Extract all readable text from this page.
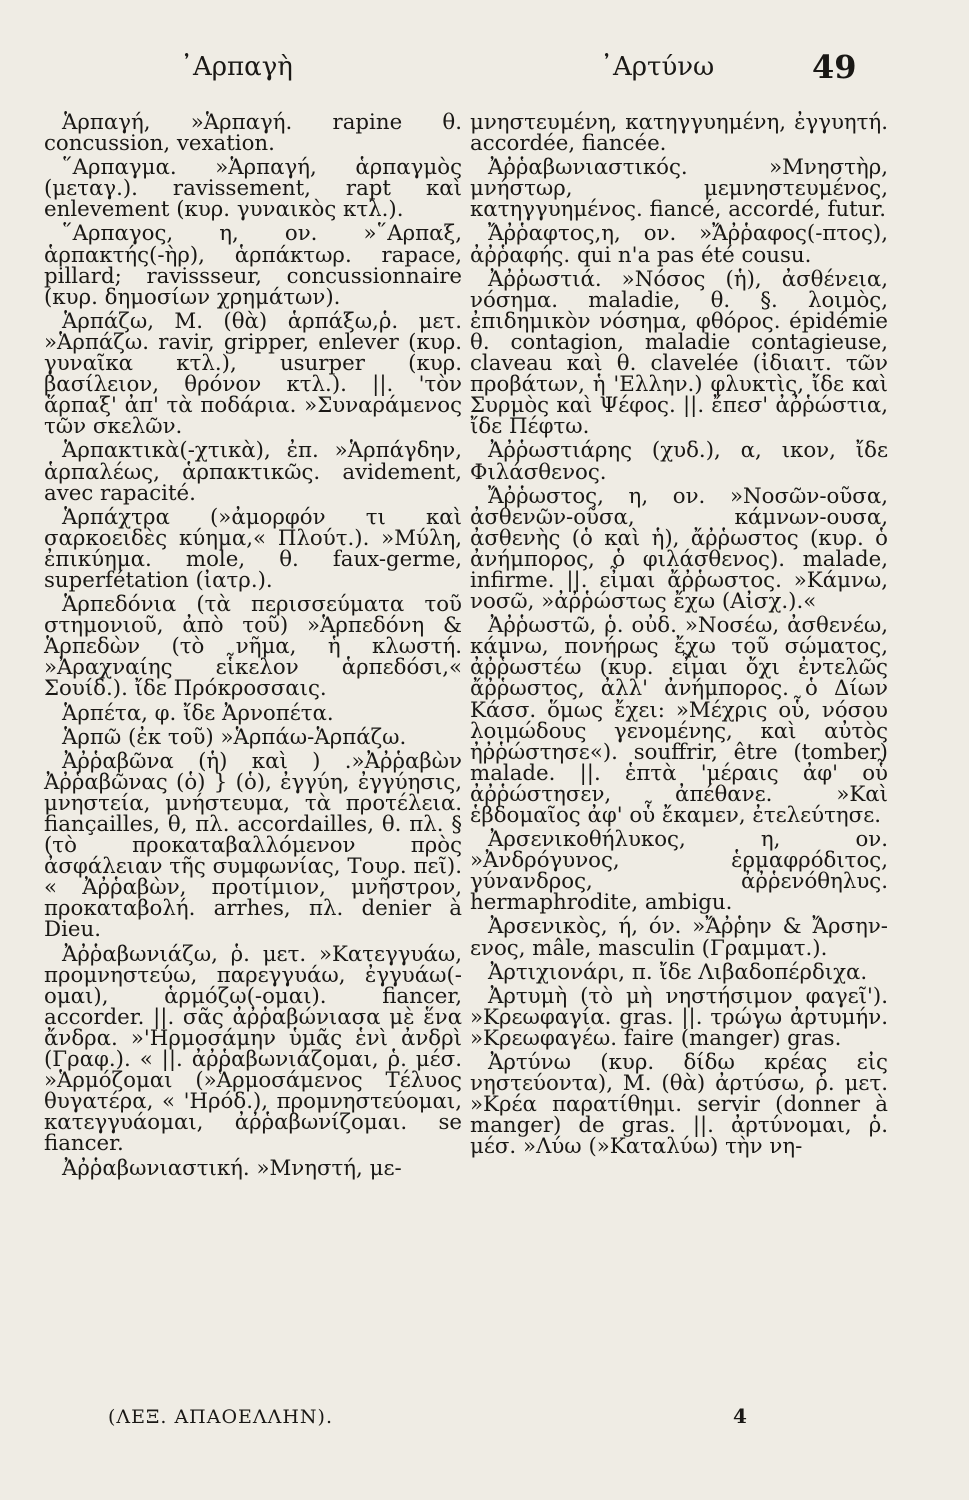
᾿Αρπαγὴ	᾿Αρτύνω	49

Ἁρπαγή, »Ἁρπαγή. rapine θ. concussion, vexation.

῞Αρπαγμα. »Ἁρπαγή, ἁρπαγμὸς (μεταγ.). ravissement, rapt καὶ enlevement (κυρ. γυναικὸς κτλ.).

῞Αρπαγος, η, ον. »῞Αρπαξ, ἁρπακτής(-ὴρ), ἁρπάκτωρ. rapace, pillard; ravissseur, concussionnaire (κυρ. δημοσίων χρημάτων).

Ἁρπάζω, Μ. (θὰ) ἁρπάξω,ῥ. μετ. »Ἁρπάζω. ravir, gripper, enlever (κυρ. γυναῖκα κτλ.), usurper (κυρ. βασίλειον, θρόνον κτλ.). ||. 'τὸν ἅρπαξ' ἀπ' τὰ ποδάρια. »Συναράμενος τῶν σκελῶν.

Ἁρπακτικὰ(-χτικὰ), ἐπ. »Ἁρπάγδην, ἁρπαλέως, ἁρπακτικῶς. avidement, avec rapacité.

Ἁρπάχτρα (»ἀμορφόν τι καὶ σαρκοειδὲς κύημα,« Πλούτ.). »Μύλη, ἐπικύημα. mole, θ. faux-germe, superfétation (ἰατρ.).

Ἁρπεδόνια (τὰ περισσεύματα τοῦ στημονιοῦ, ἀπὸ τοῦ) »Ἁρπεδόνη & Ἁρπεδὼν (τὸ νῆμα, ἡ κλωστή. »Ἀραχναίης εἷκελον ἁρπεδόσι,« Σουίδ.). ἴδε Πρόκροσσαις.

Ἁρπέτα, φ. ἴδε Ἀρνοπέτα.

Ἁρπῶ (ἐκ τοῦ) »Ἁρπάω-Ἁρπάζω.

Ἀῤῥαβῶνα (ἡ) καὶ ) .»Ἀῤῥαβὼν Ἀῤῥαβῶνας (ὁ) } (ὁ), ἐγγύη, ἐγγύησις, μνηστεία, μνήστευμα, τὰ προτέλεια. fiançailles, θ, πλ. accordailles, θ. πλ. § (τὸ προκαταβαλλόμενον πρὸς ἀσφάλειαν τῆς συμφωνίας, Τουρ. πεῖ). « Ἀῤῥαβὼν, προτίμιον, μνῆστρον, προκαταβολή. arrhes, πλ. denier à Dieu.

Ἀῤῥαβωνιάζω, ῥ. μετ. »Κατεγγυάω, προμνηστεύω, παρεγγυάω, ἐγγυάω(-ομαι), ἁρμόζω(-ομαι). fiancer, accorder. ||. σᾶς ἀῤῥαβώνιασα μὲ ἕνα ἄνδρα. »'Ηρμοσάμην ὑμᾶς ἑνὶ ἀνδρὶ (Γραφ.). « ||. ἀῤῥαβωνιάζομαι, ῥ. μέσ. »Ἁρμόζομαι (»Ἁρμοσάμενος Τέλυος θυγατέρα, « 'Ηρόδ.), προμνηστεύομαι, κατεγγυάομαι, ἀῤῥαβωνίζομαι. se fiancer.

Ἀῤῥαβωνιαστική. »Μνηστή, με-

μνηστευμένη, κατηγγυημένη, ἐγγυητή. accordée, fiancée.

Ἀῤῥαβωνιαστικός. »Μνηστὴρ, μνήστωρ, μεμνηστευμένος, κατηγγυημένος. fiancé, accordé, futur.

Ἄῤῥαφτος,η, ον. »Ἄῤῥαφος(-πτος), ἀῤῥαφής. qui n'a pas été cousu.

Ἀῤῥωστιά. »Νόσος (ἡ), ἀσθένεια, νόσημα. maladie, θ. §. λοιμὸς, ἐπιδημικὸν νόσημα, φθόρος. épidémie θ. contagion, maladie contagieuse, claveau καὶ θ. clavelée (ἰδιαιτ. τῶν προβάτων, ἡ 'Ελλην.) φλυκτὶς, ἴδε καὶ Συρμὸς καὶ Ψέφος. ||. ἔπεσ' ἀῤῥώστια, ἴδε Πέφτω.

Ἀῤῥωστιάρης (χυδ.), α, ικον, ἴδε Φιλάσθενος.

Ἄῤῥωστος, η, ον. »Νοσῶν-οῦσα, ἀσθενῶν-οῦσα, κάμνων-ουσα, ἀσθενὴς (ὁ καὶ ἡ), ἄῤῥωστος (κυρ. ὁ ἀνήμπορος, ὁ φιλάσθενος). malade, infirme. ||. εἶμαι ἄῤῥωστος. »Κάμνω, νοσῶ, »ἀῤῥώστως ἔχω (Αἰσχ.).«

Ἀῤῥωστῶ, ῥ. οὐδ. »Νοσέω, ἀσθενέω, κάμνω, πονήρως ἔχω τοῦ σώματος, ἀῤῥωστέω (κυρ. εἶμαι ὄχι ἐντελῶς ἄῤῥωστος, ἀλλ' ἀνήμπορος. ὁ Δίων Κάσσ. ὅμως ἔχει: »Μέχρις οὗ, νόσου λοιμώδους γενομένης, καὶ αὐτὸς ἠῤῥώστησε«). souffrir, être (tomber) malade. ||. ἑπτὰ 'μέραις ἀφ' οὗ ἀῤῥώστησεν, ἀπέθανε. »Καὶ ἑβδομαῖος ἀφ' οὗ ἔκαμεν, ἐτελεύτησε.

Ἀρσενικοθήλυκος, η, ον. »Ἀνδρόγυνος, ἑρμαφρόδιτος, γύνανδρος, ἀῤῥενόθηλυς. hermaphrodite, ambigu.

Ἀρσενικὸς, ή, όν. »Ἄῤῥην & Ἄρσην-ενος, mâle, masculin (Γραμματ.).

Ἀρτιχιονάρι, π. ἴδε Λιβαδοπέρδιχα.

Ἀρτυμὴ (τὸ μὴ νηστήσιμον φαγεῖ'). »Κρεωφαγία. gras. ||. τρώγω ἀρτυμήν. »Κρεωφαγέω. faire (manger) gras.

Ἀρτύνω (κυρ. δίδω κρέας εἰς νηστεύοντα), Μ. (θὰ) ἀρτύσω, ῥ. μετ. »Κρέα παρατίθημι. servir (donner à manger) de gras. ||. ἀρτύνομαι, ῥ. μέσ. »Λύω (»Καταλύω) τὴν νη-

(ΛΕΞ. ΑΠΑΟΕΛΛΗΝ).	4
